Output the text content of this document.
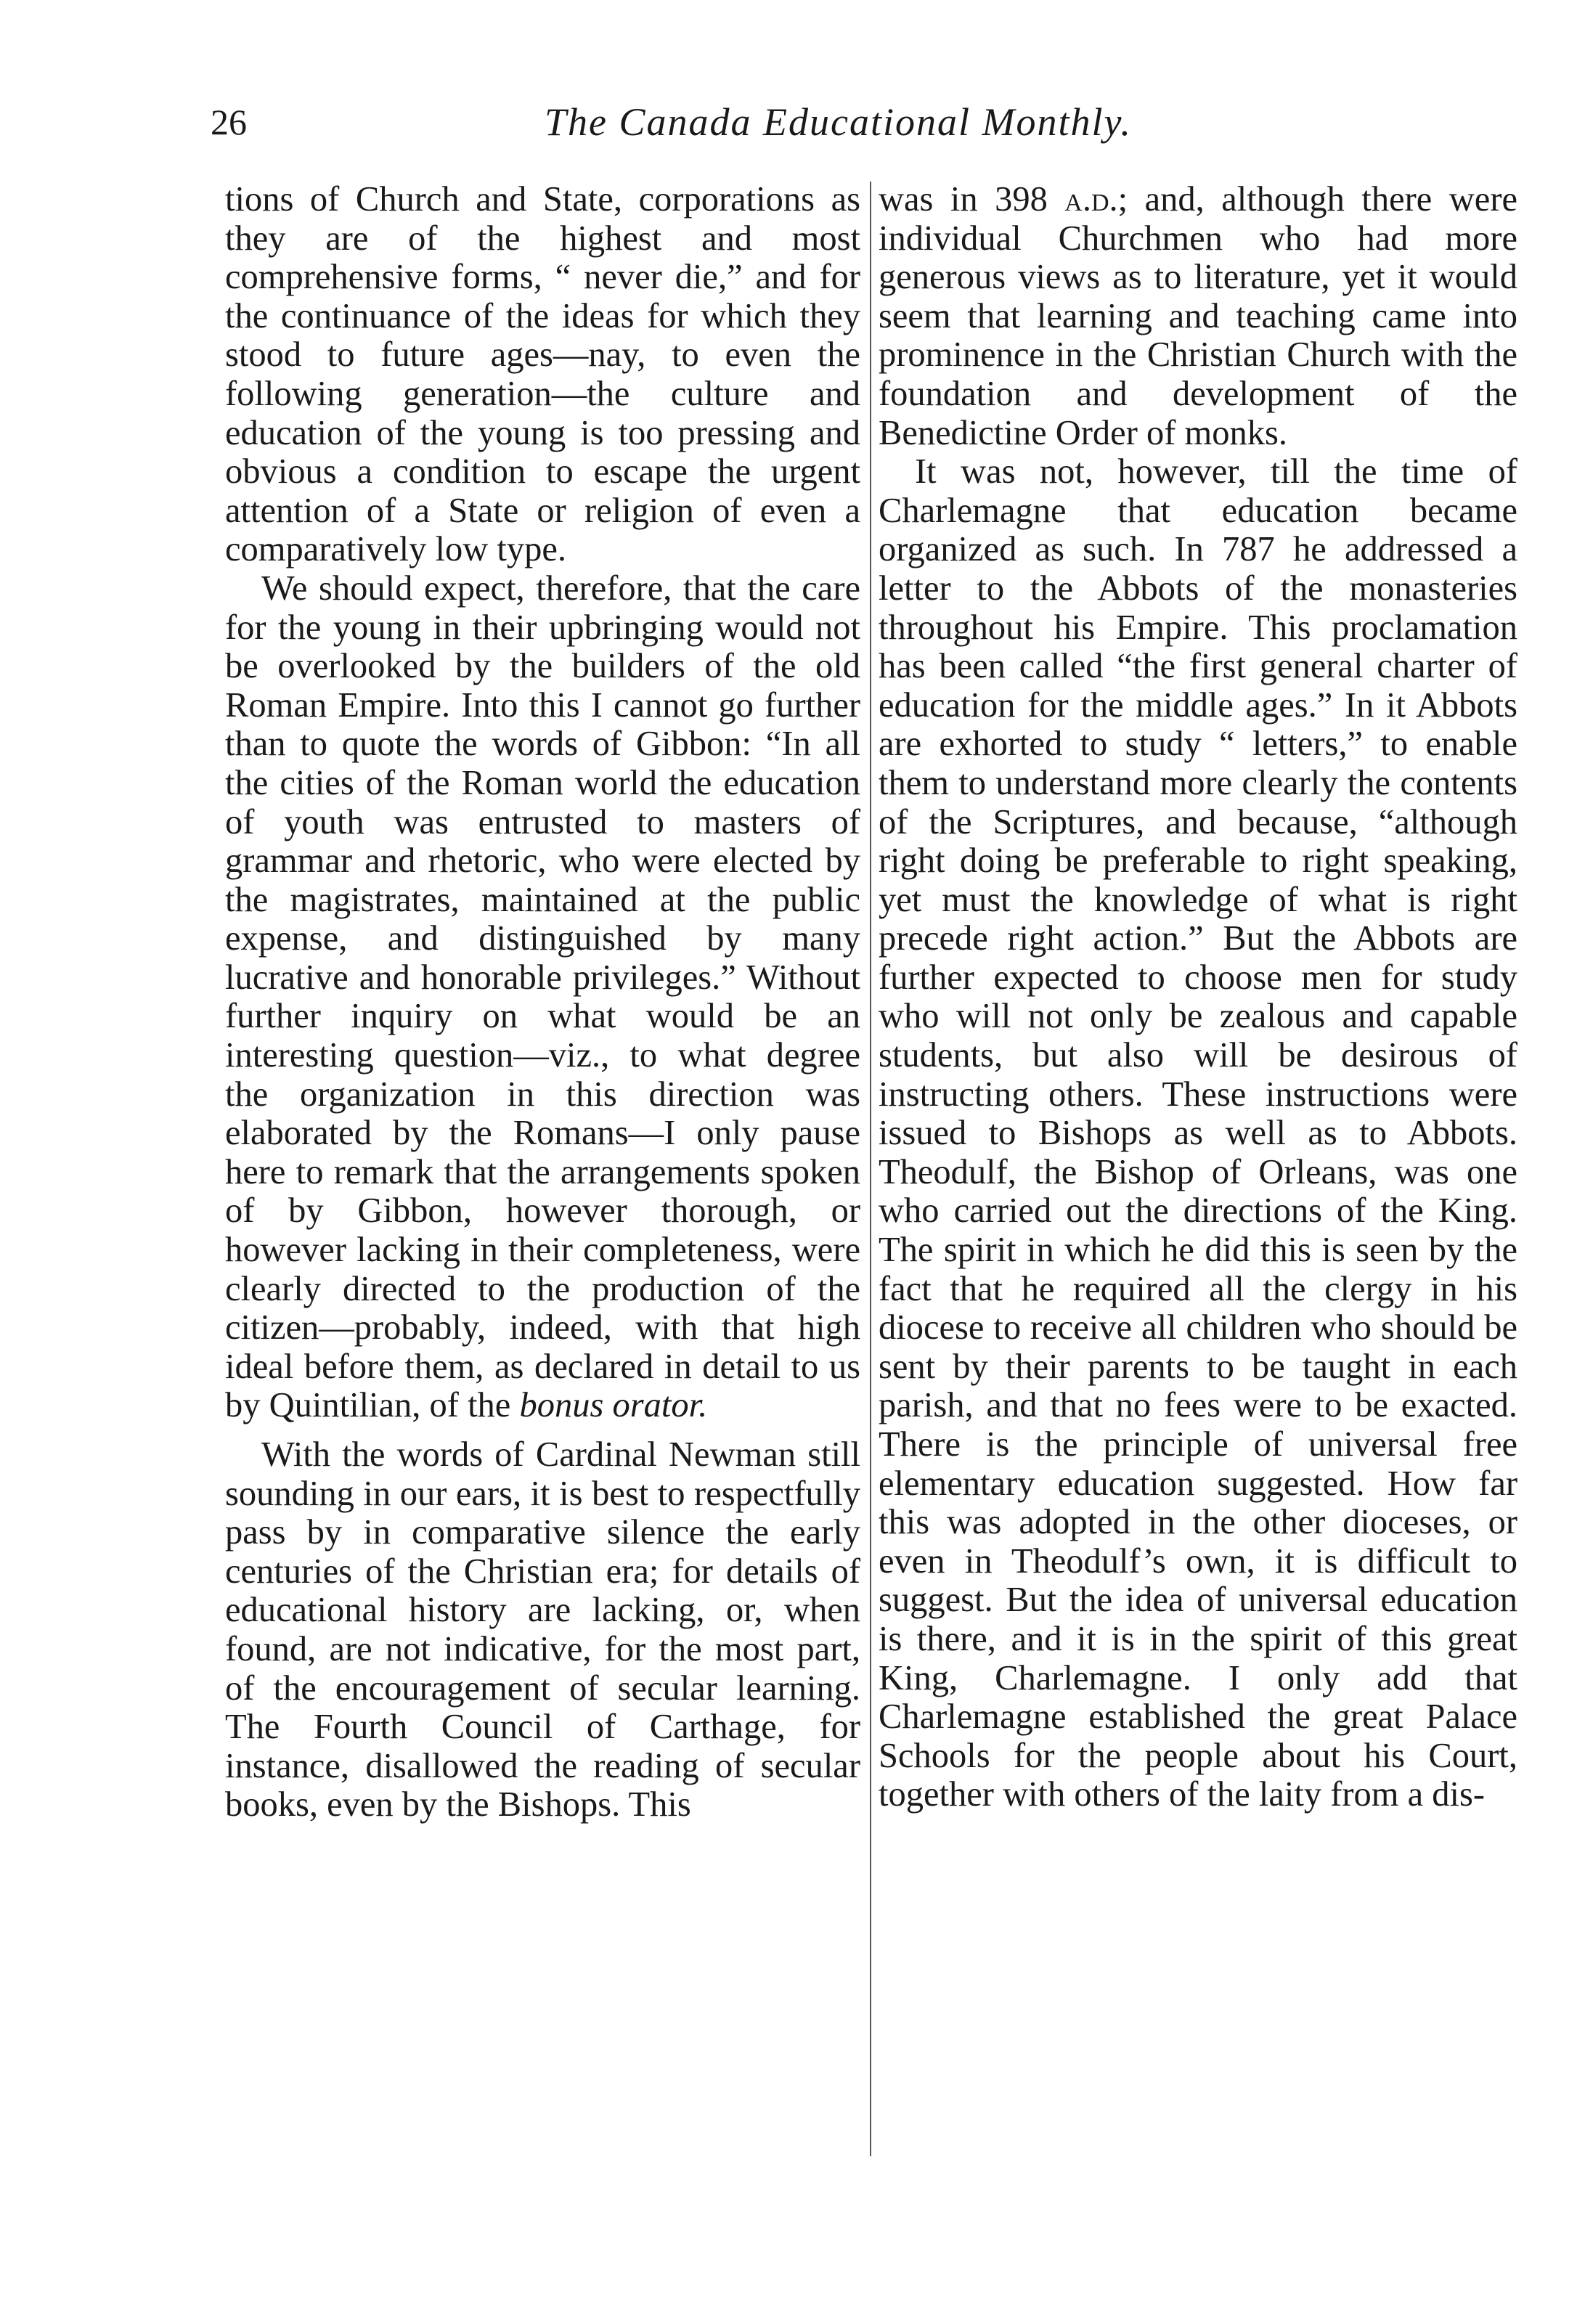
26	The Canada Educational Monthly.

tions of Church and State, corporations as they are of the highest and most comprehensive forms, “ never die,” and for the continuance of the ideas for which they stood to future ages—nay, to even the following generation—the culture and education of the young is too pressing and obvious a condition to escape the urgent attention of a State or religion of even a comparatively low type.

We should expect, therefore, that the care for the young in their upbringing would not be overlooked by the builders of the old Roman Empire. Into this I cannot go further than to quote the words of Gibbon: “In all the cities of the Roman world the education of youth was entrusted to masters of grammar and rhetoric, who were elected by the magistrates, maintained at the public expense, and distinguished by many lucrative and honorable privileges.” Without further inquiry on what would be an interesting question—viz., to what degree the organization in this direction was elaborated by the Romans—I only pause here to remark that the arrangements spoken of by Gibbon, however thorough, or however lacking in their completeness, were clearly directed to the production of the citizen—probably, indeed, with that high ideal before them, as declared in detail to us by Quintilian, of the bonus orator.

With the words of Cardinal Newman still sounding in our ears, it is best to respectfully pass by in comparative silence the early centuries of the Christian era; for details of educational history are lacking, or, when found, are not indicative, for the most part, of the encouragement of secular learning. The Fourth Council of Carthage, for instance, disallowed the reading of secular books, even by the Bishops. This

was in 398 a.d.; and, although there were individual Churchmen who had more generous views as to literature, yet it would seem that learning and teaching came into prominence in the Christian Church with the foundation and development of the Benedictine Order of monks.

It was not, however, till the time of Charlemagne that education became organized as such. In 787 he addressed a letter to the Abbots of the monasteries throughout his Empire. This proclamation has been called “the first general charter of education for the middle ages.” In it Abbots are exhorted to study “ letters,” to enable them to understand more clearly the contents of the Scriptures, and because, “although right doing be preferable to right speaking, yet must the knowledge of what is right precede right action.” But the Abbots are further expected to choose men for study who will not only be zealous and capable students, but also will be desirous of instructing others. These instructions were issued to Bishops as well as to Abbots. Theodulf, the Bishop of Orleans, was one who carried out the directions of the King. The spirit in which he did this is seen by the fact that he required all the clergy in his diocese to receive all children who should be sent by their parents to be taught in each parish, and that no fees were to be exacted. There is the principle of universal free elementary education suggested. How far this was adopted in the other dioceses, or even in Theodulf’s own, it is difficult to suggest. But the idea of universal education is there, and it is in the spirit of this great King, Charlemagne. I only add that Charlemagne established the great Palace Schools for the people about his Court, together with others of the laity from a dis-
